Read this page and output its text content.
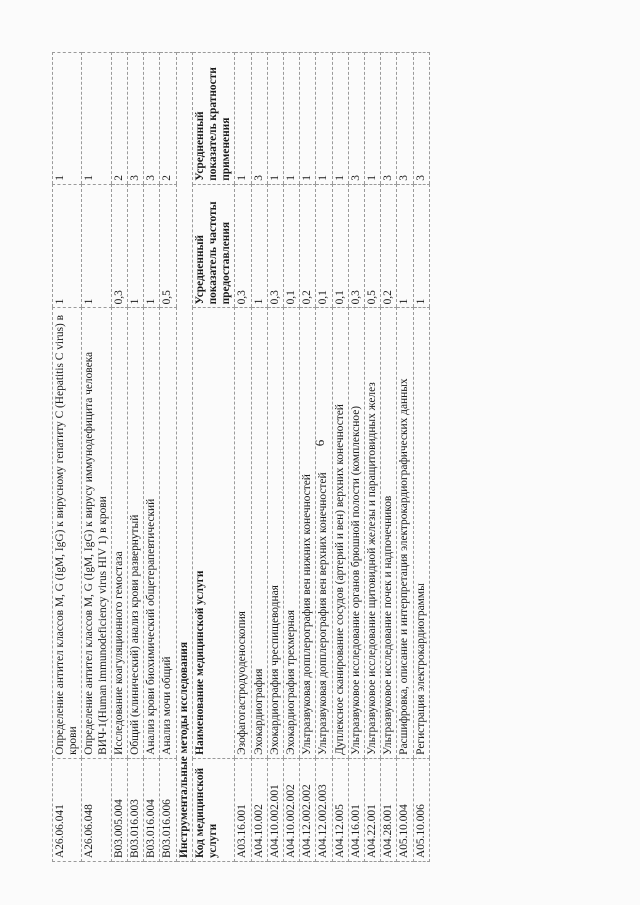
6
A26.06.041	Определение антител классов M, G (IgM, IgG) к вирусному гепатиту C (Hepatitis C virus) в крови	1	1
A26.06.048	Определение антител классов M, G (IgM, IgG) к вирусу иммунодефицита человека ВИЧ-1(Human immunodeficiency virus HIV 1) в крови	1	1
B03.005.004	Исследование коагуляционного гемостаза	0,3	2
B03.016.003	Общий (клинический) анализ крови развернутый	1	3
B03.016.004	Анализ крови биохимический общетерапевтический	1	3
B03.016.006	Анализ мочи общий	0,5	2
Инструментальные методы исследования			
Код медицинской услуги	Наименование медицинской услуги	Усредненный показатель частоты предоставления	Усредненный показатель кратности применения
A03.16.001	Эзофагогастродуоденоскопия	0,3	1
A04.10.002	Эхокардиография	1	3
A04.10.002.001	Эхокардиография чреспищеводная	0,3	1
A04.10.002.002	Эхокардиография трехмерная	0,1	1
A04.12.002.002	Ультразвуковая допплерография вен нижних конечностей	0,2	1
A04.12.002.003	Ультразвуковая допплерография вен верхних конечностей	0,1	1
A04.12.005	Дуплексное сканирование сосудов (артерий и вен) верхних конечностей	0,1	1
A04.16.001	Ультразвуковое исследование органов брюшной полости (комплексное)	0,3	3
A04.22.001	Ультразвуковое исследование щитовидной железы и паращитовидных желез	0,5	1
A04.28.001	Ультразвуковое исследование почек и надпочечников	0,2	3
A05.10.004	Расшифровка, описание и интерпретация электрокардиографических данных	1	3
A05.10.006	Регистрация электрокардиограммы	1	3
